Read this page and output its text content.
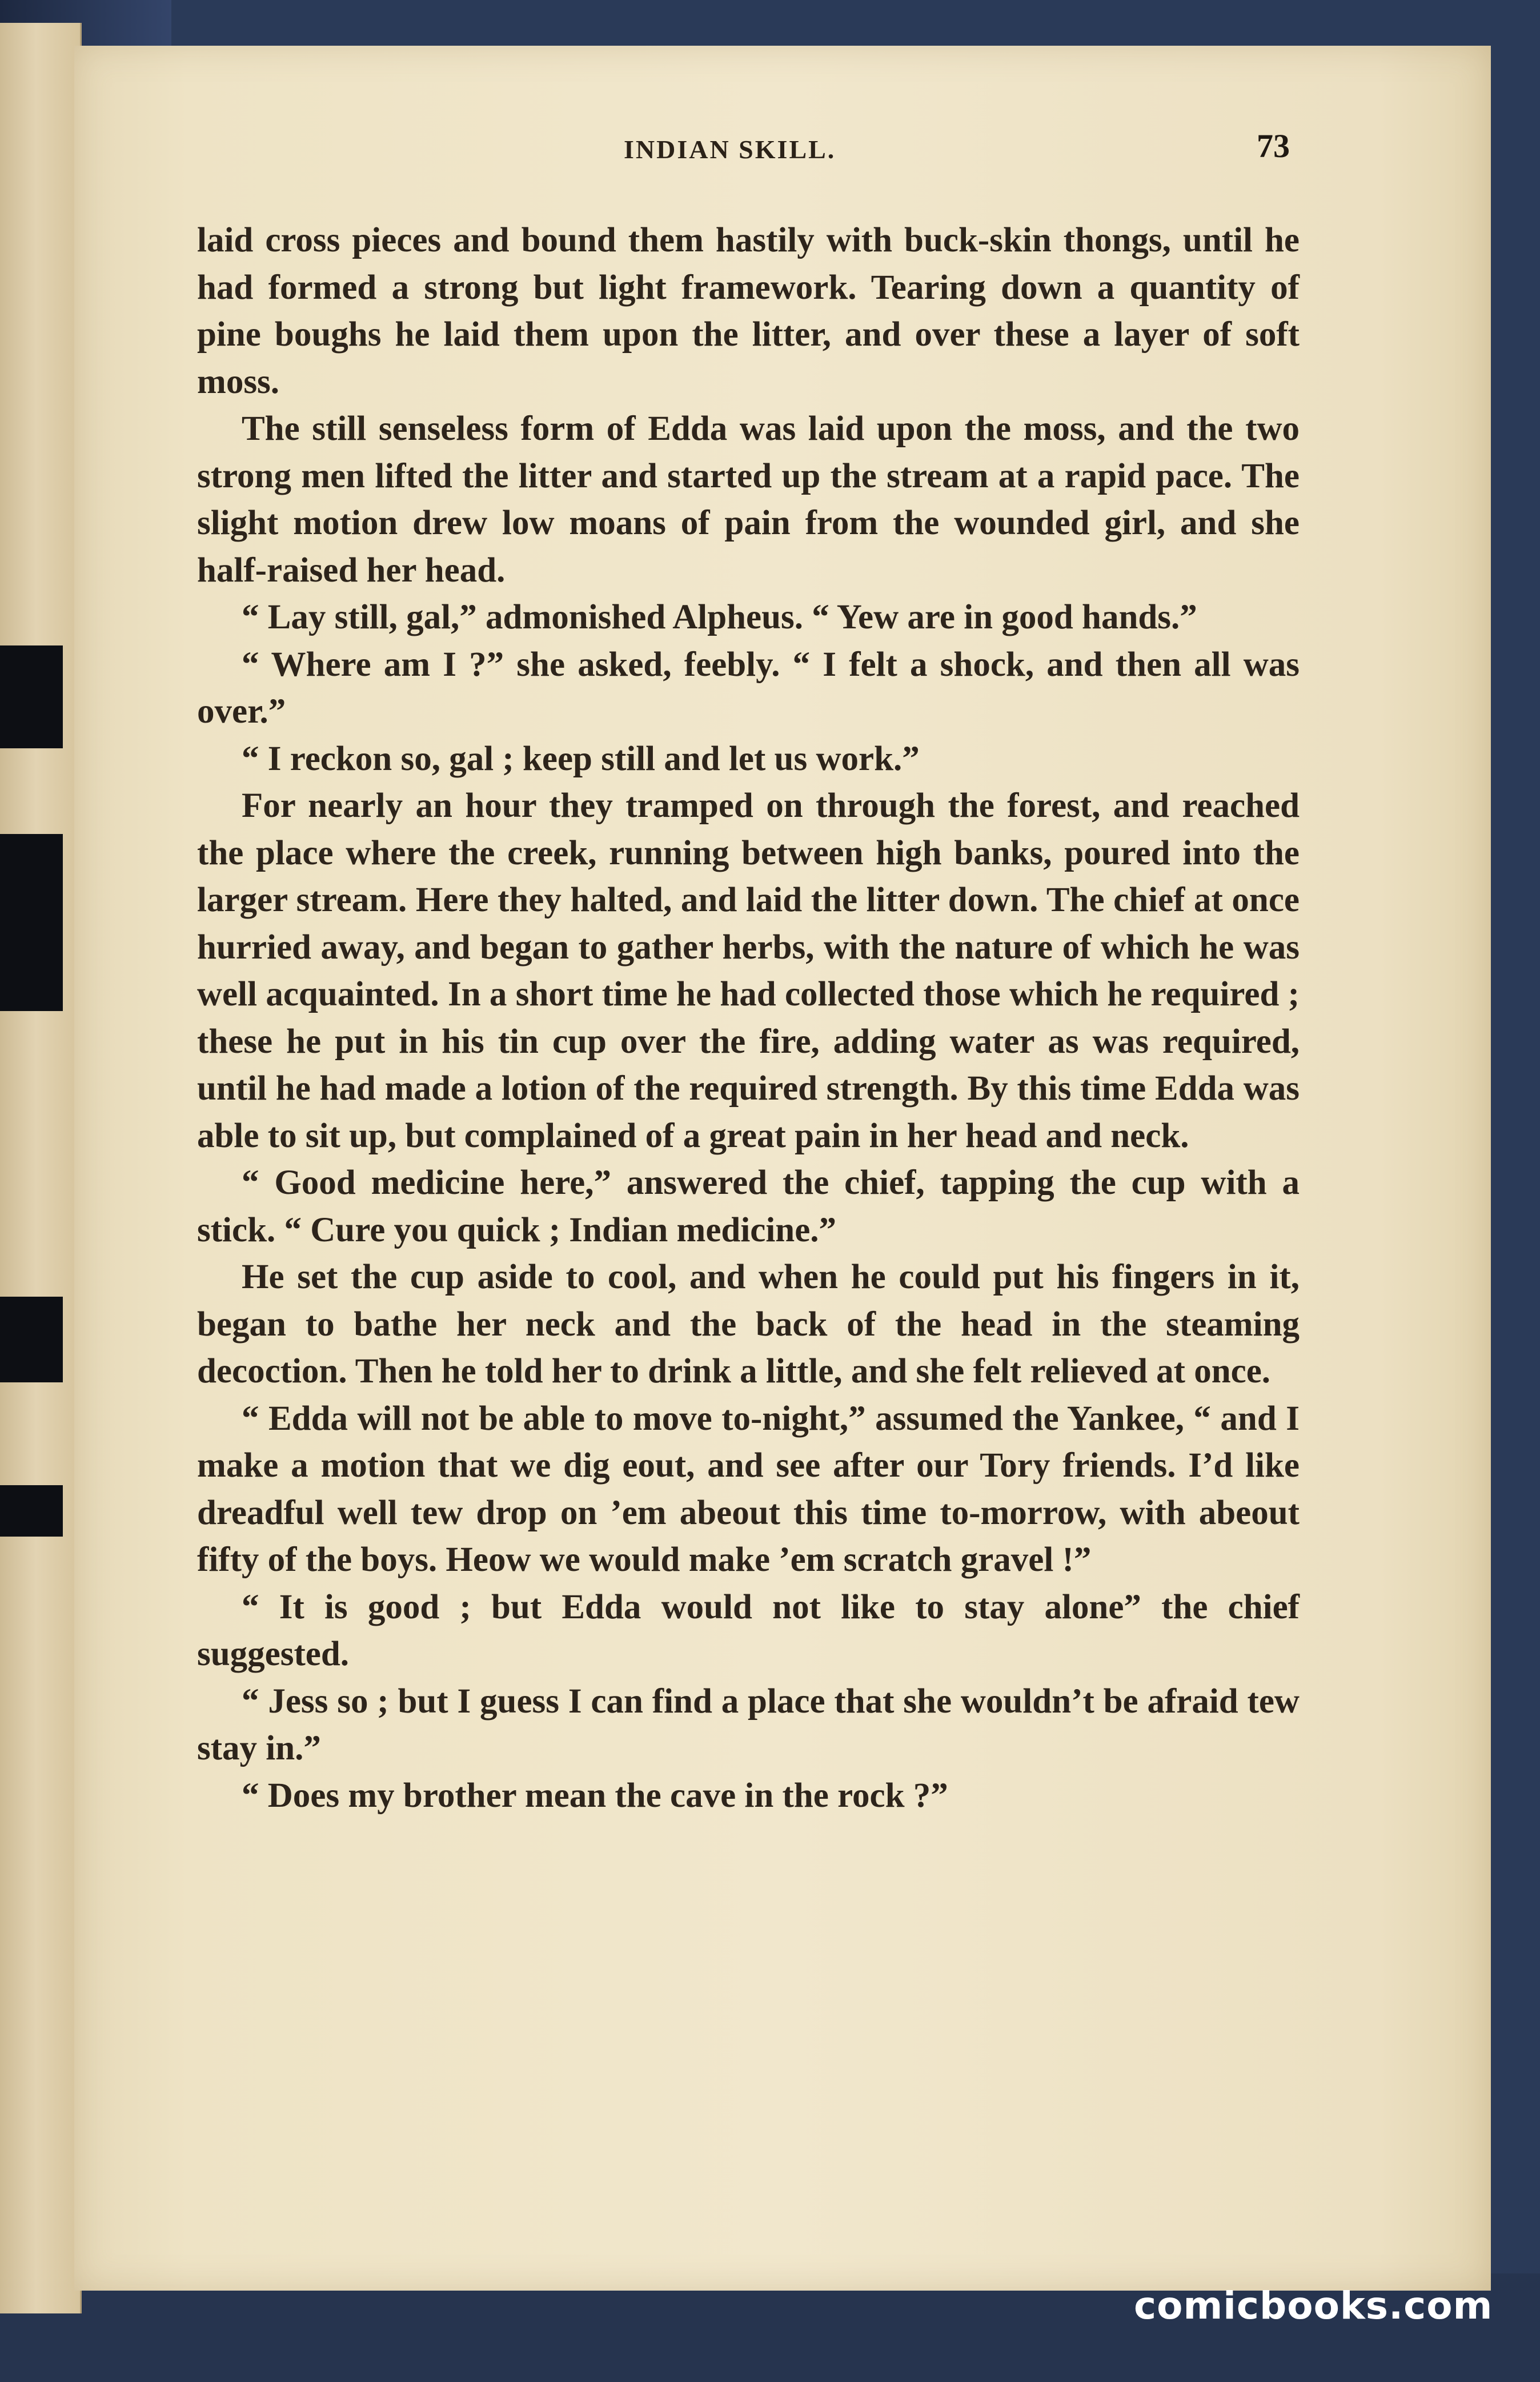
INDIAN SKILL.	73

laid cross pieces and bound them hastily with buck-skin thongs, until he had formed a strong but light framework. Tearing down a quantity of pine boughs he laid them upon the litter, and over these a layer of soft moss.

The still senseless form of Edda was laid upon the moss, and the two strong men lifted the litter and started up the stream at a rapid pace. The slight motion drew low moans of pain from the wounded girl, and she half-raised her head.

“ Lay still, gal,” admonished Alpheus. “ Yew are in good hands.”

“ Where am I ?” she asked, feebly. “ I felt a shock, and then all was over.”

“ I reckon so, gal ; keep still and let us work.”

For nearly an hour they tramped on through the forest, and reached the place where the creek, running between high banks, poured into the larger stream. Here they halted, and laid the litter down. The chief at once hurried away, and began to gather herbs, with the nature of which he was well acquainted. In a short time he had collected those which he required ; these he put in his tin cup over the fire, adding water as was required, until he had made a lotion of the required strength. By this time Edda was able to sit up, but complained of a great pain in her head and neck.

“ Good medicine here,” answered the chief, tapping the cup with a stick. “ Cure you quick ; Indian medicine.”

He set the cup aside to cool, and when he could put his fingers in it, began to bathe her neck and the back of the head in the steaming decoction. Then he told her to drink a little, and she felt relieved at once.

“ Edda will not be able to move to-night,” assumed the Yankee, “ and I make a motion that we dig eout, and see after our Tory friends. I’d like dreadful well tew drop on ’em abeout this time to-morrow, with abeout fifty of the boys. Heow we would make ’em scratch gravel !”

“ It is good ; but Edda would not like to stay alone” the chief suggested.

“ Jess so ; but I guess I can find a place that she wouldn’t be afraid tew stay in.”

“ Does my brother mean the cave in the rock ?”

comicbooks.com
